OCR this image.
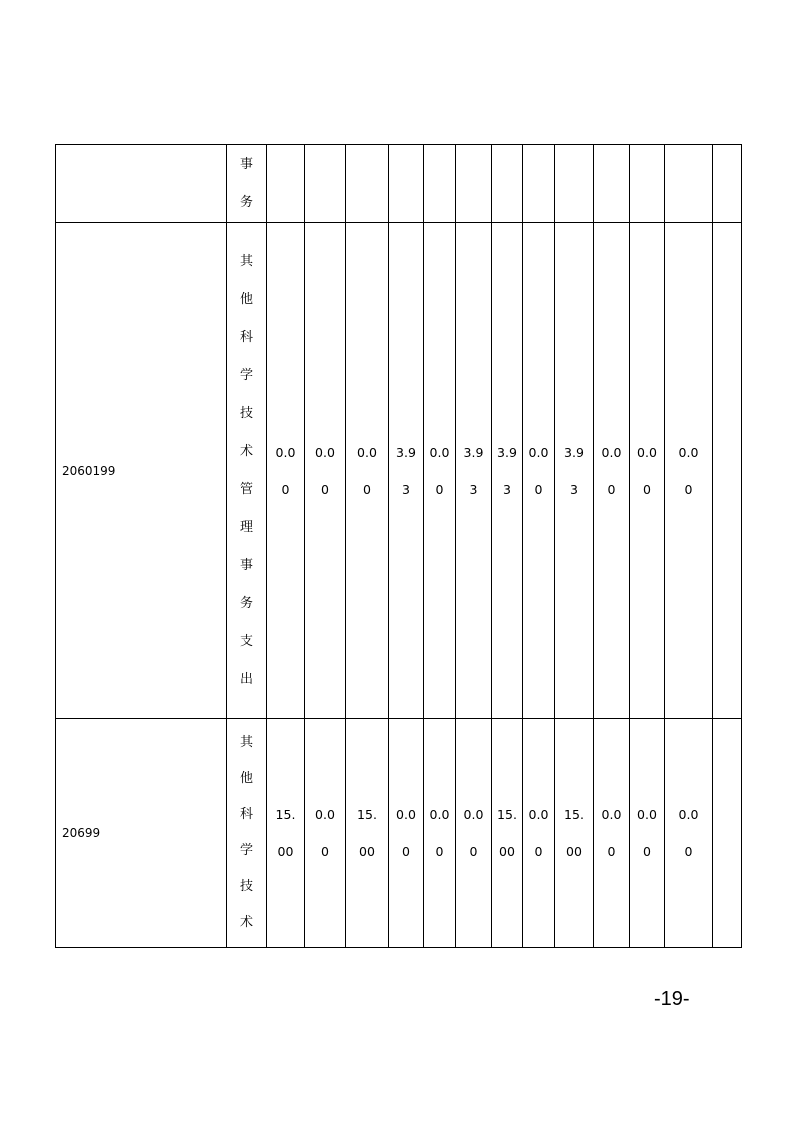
	事务													
2060199	其他科学技术管理事务支出	0.00	0.00	0.00	3.93	0.00	3.93	3.93	0.00	3.93	0.00	0.00	0.00	
20699	其他科学技术	15.00	0.00	15.00	0.00	0.00	0.00	15.00	0.00	15.00	0.00	0.00	0.00	
-19-
